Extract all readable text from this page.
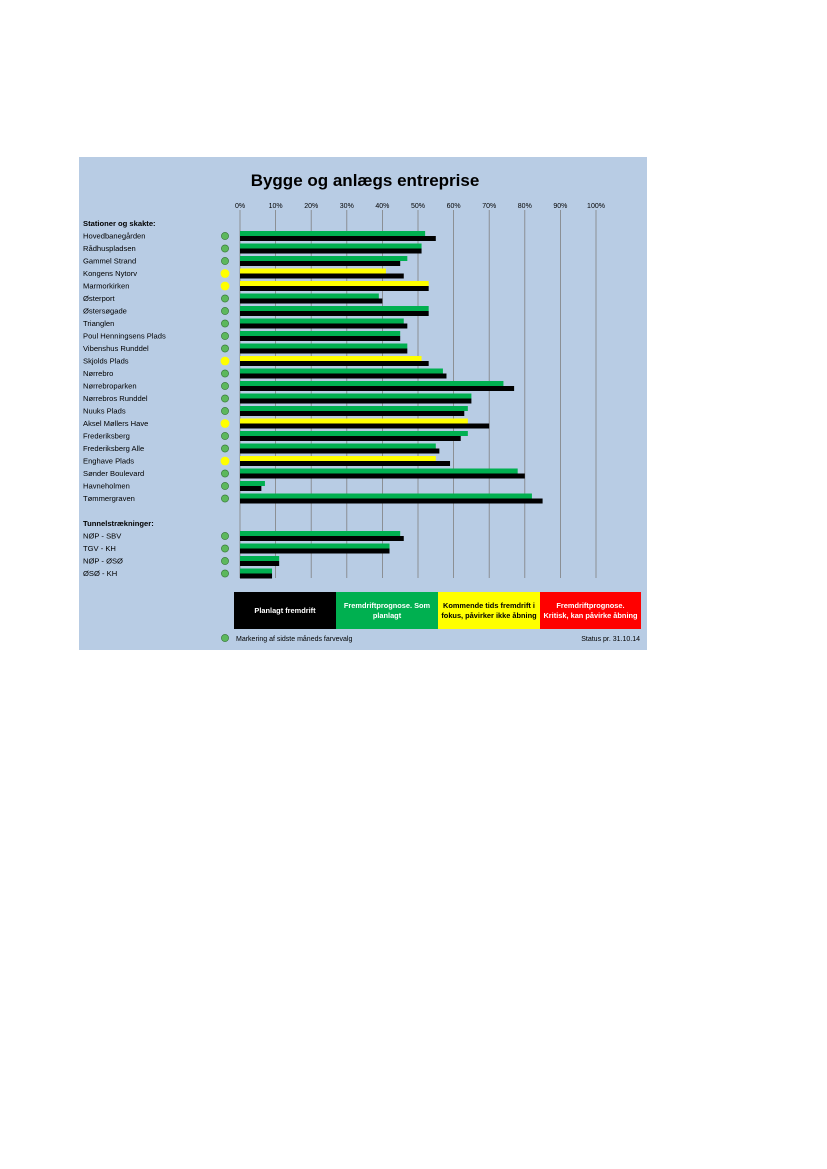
Bygge og anlægs entreprise
0%	10%	20%	30%	40%	50%	60%	70%	80%	90%	100%
Stationer og skakte:
Hovedbanegården
Rådhuspladsen
Gammel Strand
Kongens Nytorv
Marmorkirken
Østerport
Østersøgade
Trianglen
Poul Henningsens Plads
Vibenshus Runddel
Skjolds Plads
Nørrebro
Nørrebroparken
Nørrebros Runddel
Nuuks Plads
Aksel Møllers Have
Frederiksberg
Frederiksberg Alle
Enghave Plads
Sønder Boulevard
Havneholmen
Tømmergraven
Tunnelstrækninger:
NØP - SBV
TGV - KH
NØP - ØSØ
ØSØ - KH
Markering af sidste måneds farvevalg	Status pr. 31.10.14
Planlagt fremdrift
Fremdriftprognose. Som planlagt
Kommende tids fremdrift i fokus, påvirker ikke åbning
Fremdriftprognose. Kritisk, kan påvirke åbning
